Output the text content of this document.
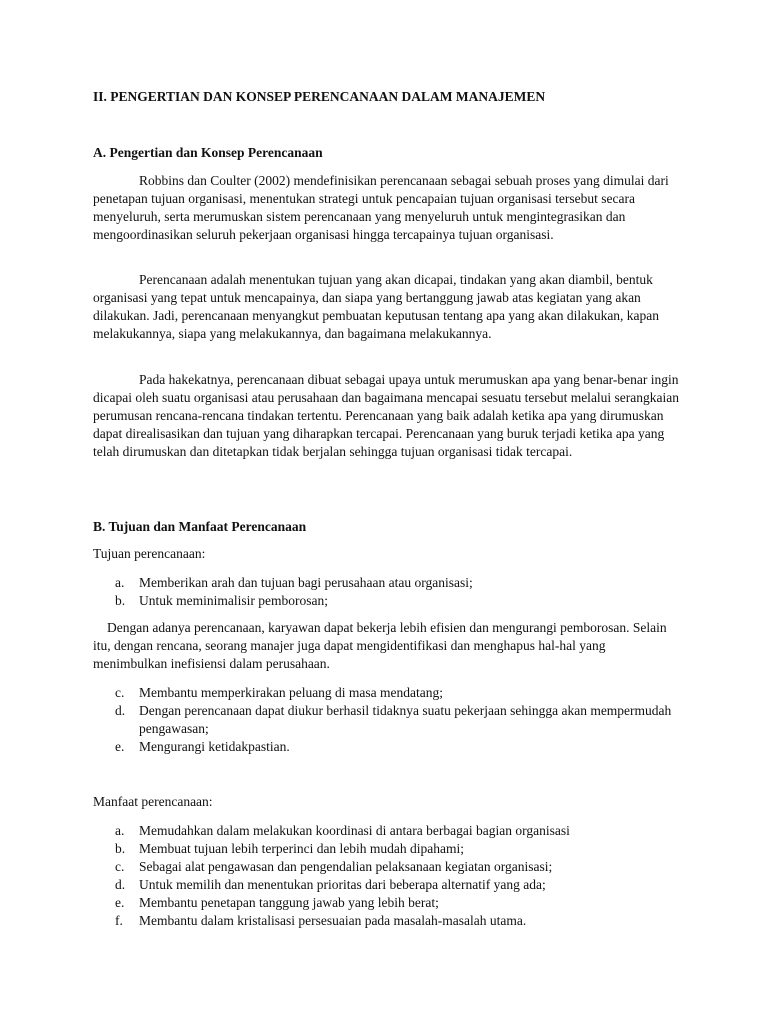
II. PENGERTIAN DAN KONSEP PERENCANAAN DALAM MANAJEMEN

A. Pengertian dan Konsep Perencanaan

Robbins dan Coulter (2002) mendefinisikan perencanaan sebagai sebuah proses yang dimulai dari penetapan tujuan organisasi, menentukan strategi untuk pencapaian tujuan organisasi tersebut secara menyeluruh, serta merumuskan sistem perencanaan yang menyeluruh untuk mengintegrasikan dan mengoordinasikan seluruh pekerjaan organisasi hingga tercapainya tujuan organisasi.

Perencanaan adalah menentukan tujuan yang akan dicapai, tindakan yang akan diambil, bentuk organisasi yang tepat untuk mencapainya, dan siapa yang bertanggung jawab atas kegiatan yang akan dilakukan. Jadi, perencanaan menyangkut pembuatan keputusan tentang apa yang akan dilakukan, kapan melakukannya, siapa yang melakukannya, dan bagaimana melakukannya.

Pada hakekatnya, perencanaan dibuat sebagai upaya untuk merumuskan apa yang benar-benar ingin dicapai oleh suatu organisasi atau perusahaan dan bagaimana mencapai sesuatu tersebut melalui serangkaian perumusan rencana-rencana tindakan tertentu. Perencanaan yang baik adalah ketika apa yang dirumuskan dapat direalisasikan dan tujuan yang diharapkan tercapai. Perencanaan yang buruk terjadi ketika apa yang telah dirumuskan dan ditetapkan tidak berjalan sehingga tujuan organisasi tidak tercapai.

B. Tujuan dan Manfaat Perencanaan

Tujuan perencanaan:

a. Memberikan arah dan tujuan bagi perusahaan atau organisasi;
b. Untuk meminimalisir pemborosan;

Dengan adanya perencanaan, karyawan dapat bekerja lebih efisien dan mengurangi pemborosan. Selain itu, dengan rencana, seorang manajer juga dapat mengidentifikasi dan menghapus hal-hal yang menimbulkan inefisiensi dalam perusahaan.

c. Membantu memperkirakan peluang di masa mendatang;
d. Dengan perencanaan dapat diukur berhasil tidaknya suatu pekerjaan sehingga akan mempermudah pengawasan;
e. Mengurangi ketidakpastian.

Manfaat perencanaan:

a. Memudahkan dalam melakukan koordinasi di antara berbagai bagian organisasi
b. Membuat tujuan lebih terperinci dan lebih mudah dipahami;
c. Sebagai alat pengawasan dan pengendalian pelaksanaan kegiatan organisasi;
d. Untuk memilih dan menentukan prioritas dari beberapa alternatif yang ada;
e. Membantu penetapan tanggung jawab yang lebih berat;
f. Membantu dalam kristalisasi persesuaian pada masalah-masalah utama.
